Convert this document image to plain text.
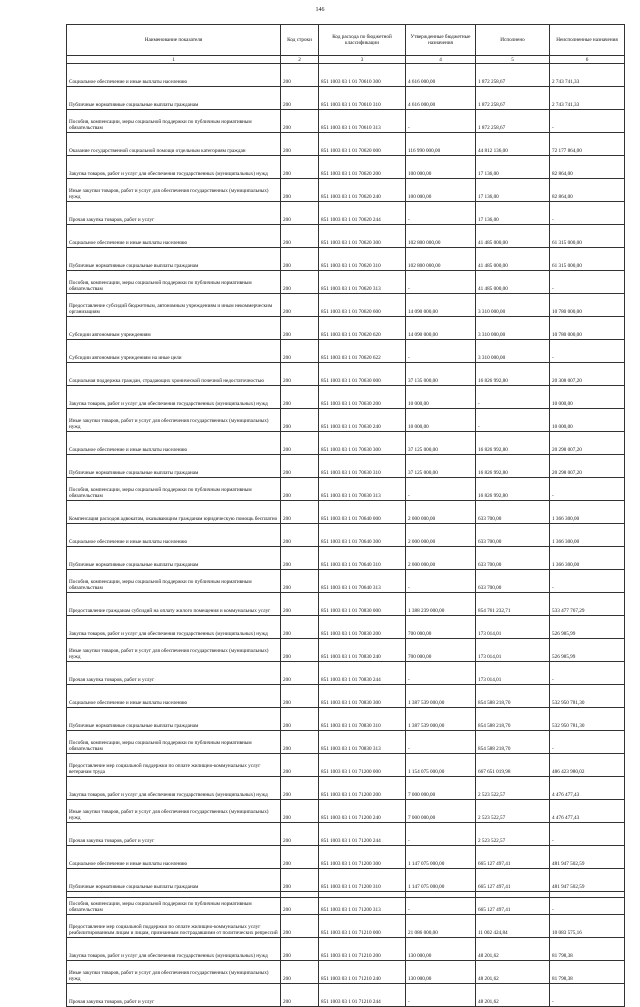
146
Наименование показателя	Код строки	Код расхода по бюджетной классификации	Утвержденные бюджетные назначения	Исполнено	Неисполненные назначения
1	2	3	4	5	6
Социальное обеспечение и иные выплаты населению	200	851 1003 03 1 01 70610 300	4 616 000,00	1 872 258,67	2 743 741,33
Публичные нормативные социальные выплаты гражданам	200	851 1003 03 1 01 70610 310	4 616 000,00	1 872 258,67	2 743 741,33
Пособия, компенсации, меры социальной поддержки по публичным нормативным обязательствам	200	851 1003 03 1 01 70610 313	-	1 872 258,67	-
Оказание государственной социальной помощи отдельным категориям граждан	200	851 1003 03 1 01 70620 000	116 990 000,00	44 812 136,00	72 177 864,00
Закупка товаров, работ и услуг для обеспечения государственных (муниципальных) нужд	200	851 1003 03 1 01 70620 200	100 000,00	17 136,00	82 864,00
Иные закупки товаров, работ и услуг для обеспечения государственных (муниципальных) нужд	200	851 1003 03 1 01 70620 240	100 000,00	17 136,00	82 864,00
Прочая закупка товаров, работ и услуг	200	851 1003 03 1 01 70620 244	-	17 136,00	-
Социальное обеспечение и иные выплаты населению	200	851 1003 03 1 01 70620 300	102 800 000,00	41 485 000,00	61 315 000,00
Публичные нормативные социальные выплаты гражданам	200	851 1003 03 1 01 70620 310	102 800 000,00	41 485 000,00	61 315 000,00
Пособия, компенсации, меры социальной поддержки по публичным нормативным обязательствам	200	851 1003 03 1 01 70620 313	-	41 485 000,00	-
Предоставление субсидий бюджетным, автономным учреждениям и иным некоммерческим организациям	200	851 1003 03 1 01 70620 600	14 090 000,00	3 310 000,00	10 780 000,00
Субсидии автономным учреждениям	200	851 1003 03 1 01 70620 620	14 090 000,00	3 310 000,00	10 780 000,00
Субсидии автономным учреждениям на иные цели	200	851 1003 03 1 01 70620 622	-	3 310 000,00	-
Социальная поддержка граждан, страдающих хронической почечной недостаточностью	200	851 1003 03 1 01 70630 000	37 135 000,00	16 826 992,80	20 308 007,20
Закупка товаров, работ и услуг для обеспечения государственных (муниципальных) нужд	200	851 1003 03 1 01 70630 200	10 000,00	-	10 000,00
Иные закупки товаров, работ и услуг для обеспечения государственных (муниципальных) нужд	200	851 1003 03 1 01 70630 240	10 000,00	-	10 000,00
Социальное обеспечение и иные выплаты населению	200	851 1003 03 1 01 70630 300	37 125 000,00	16 826 992,80	20 298 007,20
Публичные нормативные социальные выплаты гражданам	200	851 1003 03 1 01 70630 310	37 125 000,00	16 826 992,80	20 298 007,20
Пособия, компенсации, меры социальной поддержки по публичным нормативным обязательствам	200	851 1003 03 1 01 70630 313	-	16 826 992,80	-
Компенсация расходов адвокатам, оказывающим гражданам юридическую помощь бесплатно	200	851 1003 03 1 01 70640 000	2 000 000,00	633 700,00	1 366 300,00
Социальное обеспечение и иные выплаты населению	200	851 1003 03 1 01 70640 300	2 000 000,00	633 700,00	1 366 300,00
Публичные нормативные социальные выплаты гражданам	200	851 1003 03 1 01 70640 310	2 000 000,00	633 700,00	1 366 300,00
Пособия, компенсации, меры социальной поддержки по публичным нормативным обязательствам	200	851 1003 03 1 01 70640 313	-	633 700,00	-
Предоставление гражданам субсидий на оплату жилого помещения и коммунальных услуг	200	851 1003 03 1 01 70830 000	1 388 239 000,00	854 761 232,71	533 477 767,29
Закупка товаров, работ и услуг для обеспечения государственных (муниципальных) нужд	200	851 1003 03 1 01 70830 200	700 000,00	173 014,01	526 985,99
Иные закупки товаров, работ и услуг для обеспечения государственных (муниципальных) нужд	200	851 1003 03 1 01 70830 240	700 000,00	173 014,01	526 985,99
Прочая закупка товаров, работ и услуг	200	851 1003 03 1 01 70830 244	-	173 014,01	-
Социальное обеспечение и иные выплаты населению	200	851 1003 03 1 01 70830 300	1 387 539 000,00	854 588 218,70	532 950 781,30
Публичные нормативные социальные выплаты гражданам	200	851 1003 03 1 01 70830 310	1 387 539 000,00	854 588 218,70	532 950 781,30
Пособия, компенсации, меры социальной поддержки по публичным нормативным обязательствам	200	851 1003 03 1 01 70830 313	-	854 588 218,70	-
Предоставление мер социальной поддержки по оплате жилищно-коммунальных услуг ветеранам труда	200	851 1003 03 1 01 71200 000	1 154 075 000,00	667 651 019,98	486 423 980,02
Закупка товаров, работ и услуг для обеспечения государственных (муниципальных) нужд	200	851 1003 03 1 01 71200 200	7 000 000,00	2 523 522,57	4 476 477,43
Иные закупки товаров, работ и услуг для обеспечения государственных (муниципальных) нужд	200	851 1003 03 1 01 71200 240	7 000 000,00	2 523 522,57	4 476 477,43
Прочая закупка товаров, работ и услуг	200	851 1003 03 1 01 71200 244	-	2 523 522,57	-
Социальное обеспечение и иные выплаты населению	200	851 1003 03 1 01 71200 300	1 147 075 000,00	665 127 497,41	481 947 502,59
Публичные нормативные социальные выплаты гражданам	200	851 1003 03 1 01 71200 310	1 147 075 000,00	665 127 497,41	481 947 502,59
Пособия, компенсации, меры социальной поддержки по публичным нормативным обязательствам	200	851 1003 03 1 01 71200 313	-	665 127 497,41	-
Предоставление мер социальной поддержки по оплате жилищно-коммунальных услуг реабилитированным лицам и лицам, признанным пострадавшими от политических репрессий	200	851 1003 03 1 01 71210 000	21 086 000,00	11 002 424,84	10 083 575,16
Закупка товаров, работ и услуг для обеспечения государственных (муниципальных) нужд	200	851 1003 03 1 01 71210 200	130 000,00	48 201,62	81 798,38
Иные закупки товаров, работ и услуг для обеспечения государственных (муниципальных) нужд	200	851 1003 03 1 01 71210 240	130 000,00	48 201,62	81 798,38
Прочая закупка товаров, работ и услуг	200	851 1003 03 1 01 71210 244	-	48 201,62	-
